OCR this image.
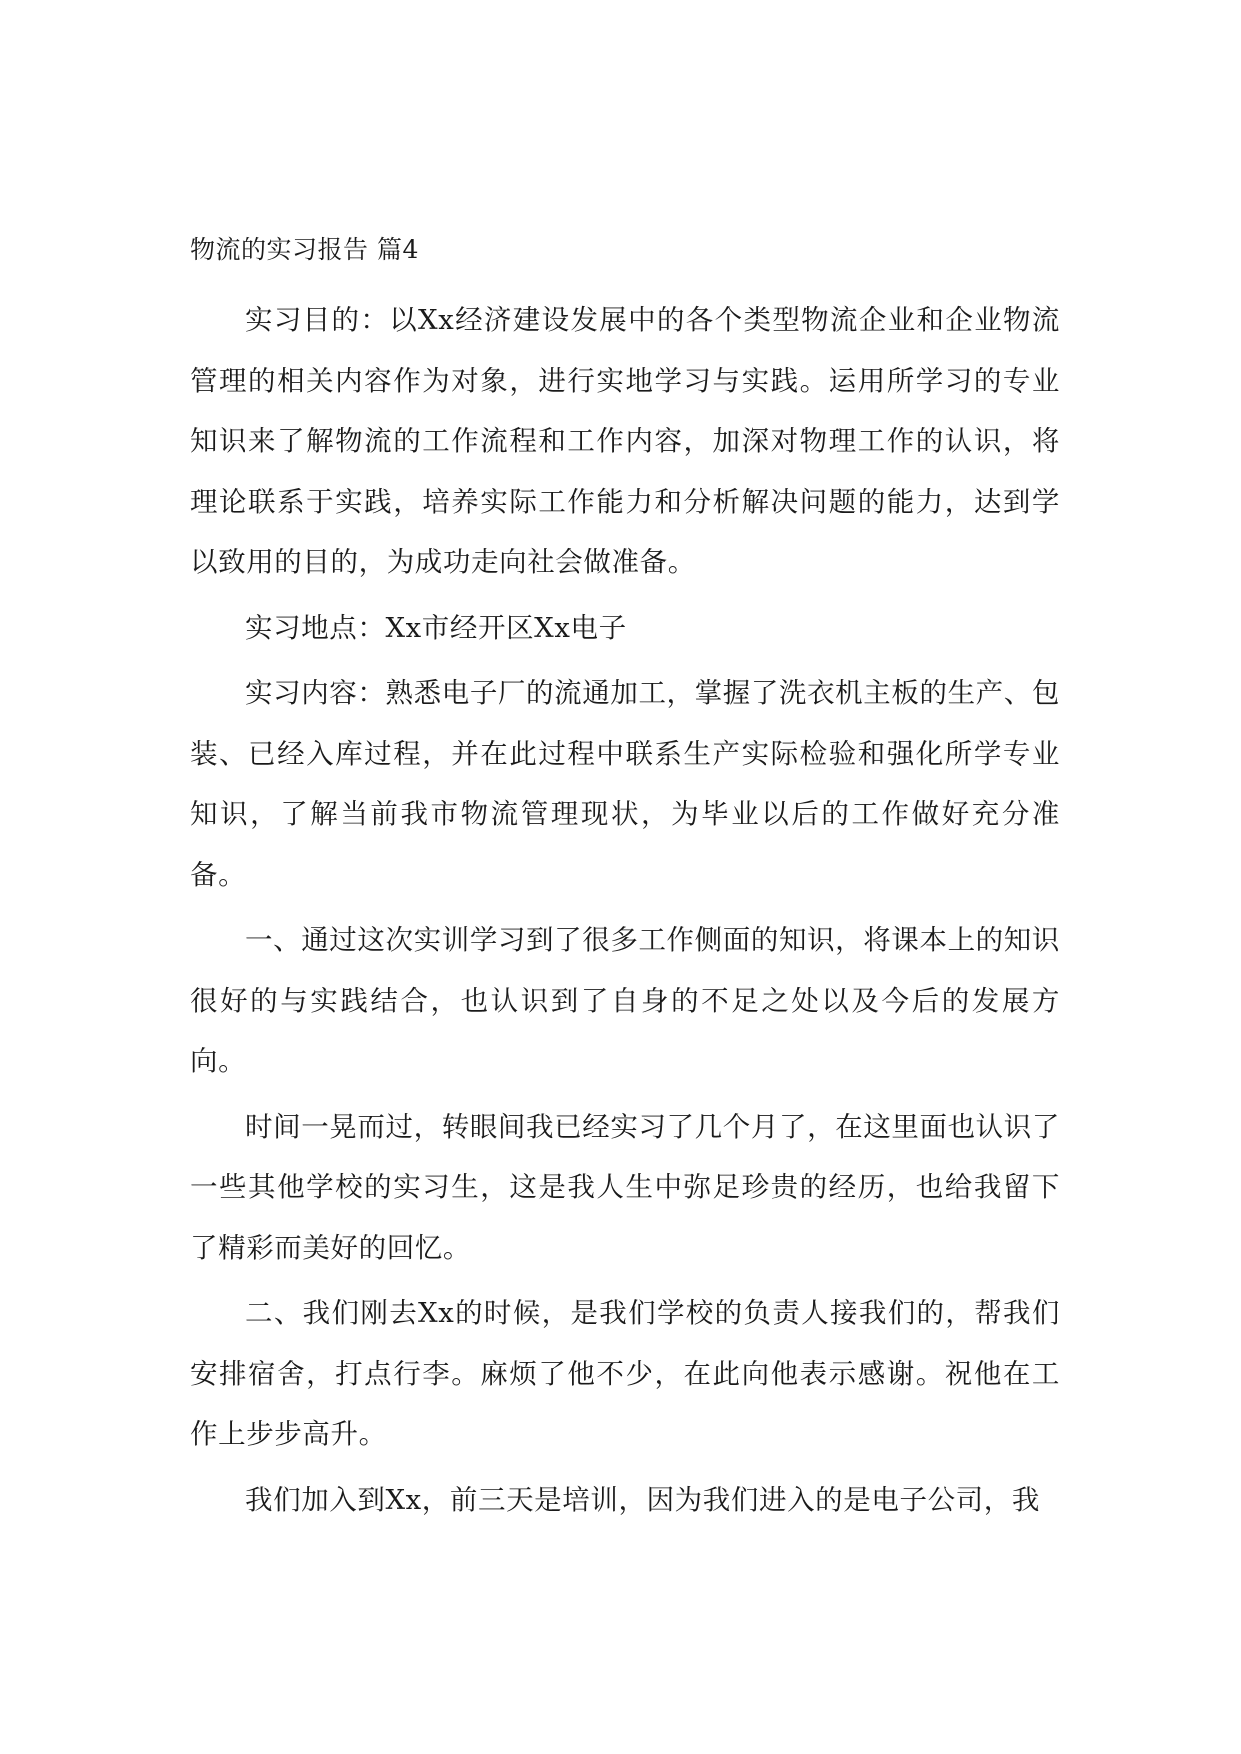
物流的实习报告 篇4

实习目的：以Xx经济建设发展中的各个类型物流企业和企业物流管理的相关内容作为对象，进行实地学习与实践。运用所学习的专业知识来了解物流的工作流程和工作内容，加深对物理工作的认识，将理论联系于实践，培养实际工作能力和分析解决问题的能力，达到学以致用的目的，为成功走向社会做准备。

实习地点：Xx市经开区Xx电子

实习内容：熟悉电子厂的流通加工，掌握了洗衣机主板的生产、包装、已经入库过程，并在此过程中联系生产实际检验和强化所学专业知识，了解当前我市物流管理现状，为毕业以后的工作做好充分准备。

一、通过这次实训学习到了很多工作侧面的知识，将课本上的知识很好的与实践结合，也认识到了自身的不足之处以及今后的发展方向。

时间一晃而过，转眼间我已经实习了几个月了，在这里面也认识了一些其他学校的实习生，这是我人生中弥足珍贵的经历，也给我留下了精彩而美好的回忆。

二、我们刚去Xx的时候，是我们学校的负责人接我们的，帮我们安排宿舍，打点行李。麻烦了他不少，在此向他表示感谢。祝他在工作上步步高升。

我们加入到Xx，前三天是培训，因为我们进入的是电子公司，我
